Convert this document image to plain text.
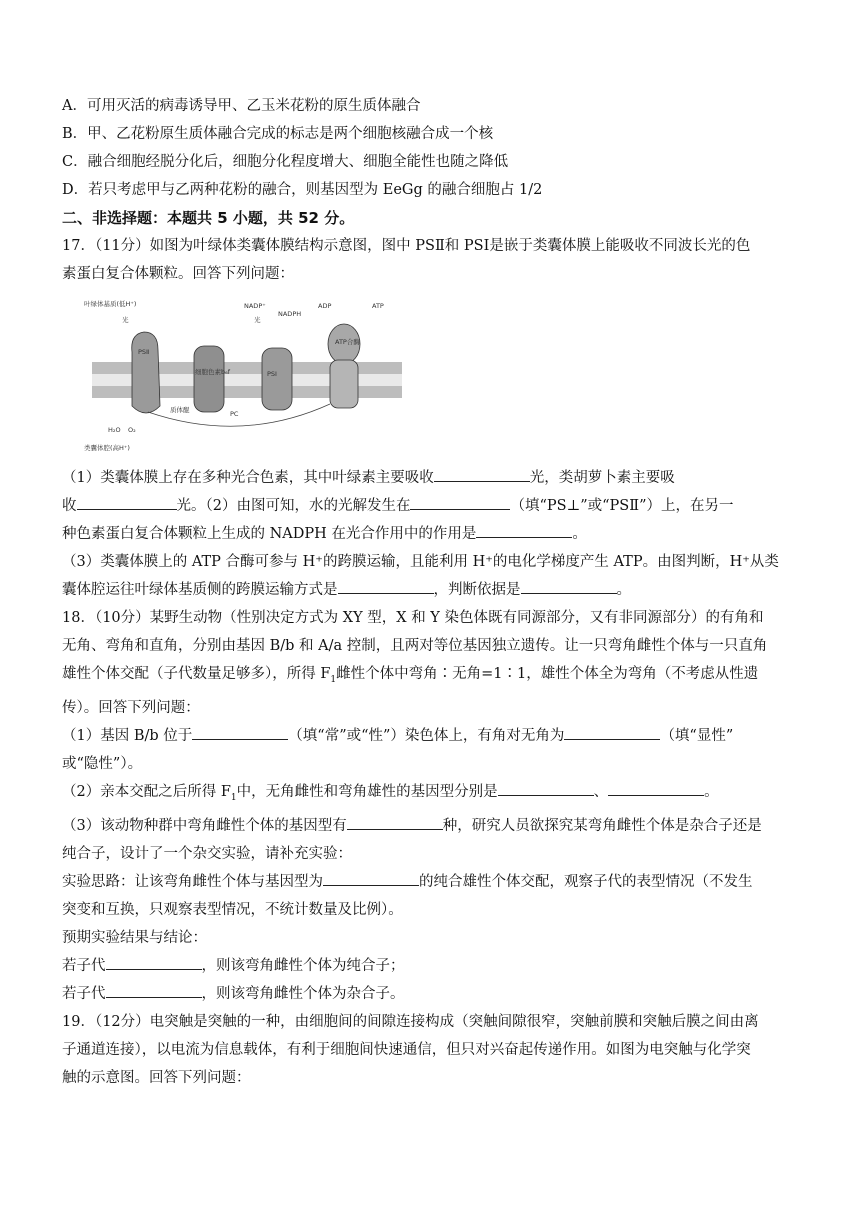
A．可用灭活的病毒诱导甲、乙玉米花粉的原生质体融合
B．甲、乙花粉原生质体融合完成的标志是两个细胞核融合成一个核
C．融合细胞经脱分化后，细胞分化程度增大、细胞全能性也随之降低
D．若只考虑甲与乙两种花粉的融合，则基因型为 EeGg 的融合细胞占 1/2
二、非选择题：本题共 5 小题，共 52 分。
17．（11分）如图为叶绿体类囊体膜结构示意图，图中 PSⅡ和 PSⅠ是嵌于类囊体膜上能吸收不同波长光的色
素蛋白复合体颗粒。回答下列问题：
叶绿体基质(低H⁺)
类囊体腔(高H⁺)
PSⅡ
细胞色素b₆f	PSⅠ
ATP合酶
光	光
NADP⁺
NADPH
ATP
ADP
H₂O O₂
PC
质体醌
（1）类囊体膜上存在多种光合色素，其中叶绿素主要吸收	光，类胡萝卜素主要吸
收	光。（2）由图可知，水的光解发生在	（填“PS⊥”或“PSⅡ”）上，在另一
种色素蛋白复合体颗粒上生成的 NADPH 在光合作用中的作用是	。
（3）类囊体膜上的 ATP 合酶可参与 H⁺的跨膜运输，且能利用 H⁺的电化学梯度产生 ATP。由图判断，H⁺从类
囊体腔运往叶绿体基质侧的跨膜运输方式是	，判断依据是	。
18．（10分）某野生动物（性别决定方式为 XY 型，X 和 Y 染色体既有同源部分，又有非同源部分）的有角和
无角、弯角和直角，分别由基因 B/b 和 A/a 控制，且两对等位基因独立遗传。让一只弯角雌性个体与一只直角
雄性个体交配（子代数量足够多），所得 $F_1$雌性个体中弯角∶无角=1∶1，雄性个体全为弯角（不考虑从性遗
传）。回答下列问题：
（1）基因 B/b 位于	（填“常”或“性”）染色体上，有角对无角为	（填“显性”
或“隐性”）。
（2）亲本交配之后所得 $F_1$中，无角雌性和弯角雄性的基因型分别是	、	。
（3）该动物种群中弯角雌性个体的基因型有	种，研究人员欲探究某弯角雌性个体是杂合子还是
纯合子，设计了一个杂交实验，请补充实验：
实验思路：让该弯角雌性个体与基因型为	的纯合雄性个体交配，观察子代的表型情况（不发生
突变和互换，只观察表型情况，不统计数量及比例）。
预期实验结果与结论：
若子代	，则该弯角雌性个体为纯合子；
若子代	，则该弯角雌性个体为杂合子。
19．（12分）电突触是突触的一种，由细胞间的间隙连接构成（突触间隙很窄，突触前膜和突触后膜之间由离
子通道连接），以电流为信息载体，有利于细胞间快速通信，但只对兴奋起传递作用。如图为电突触与化学突
触的示意图。回答下列问题：
